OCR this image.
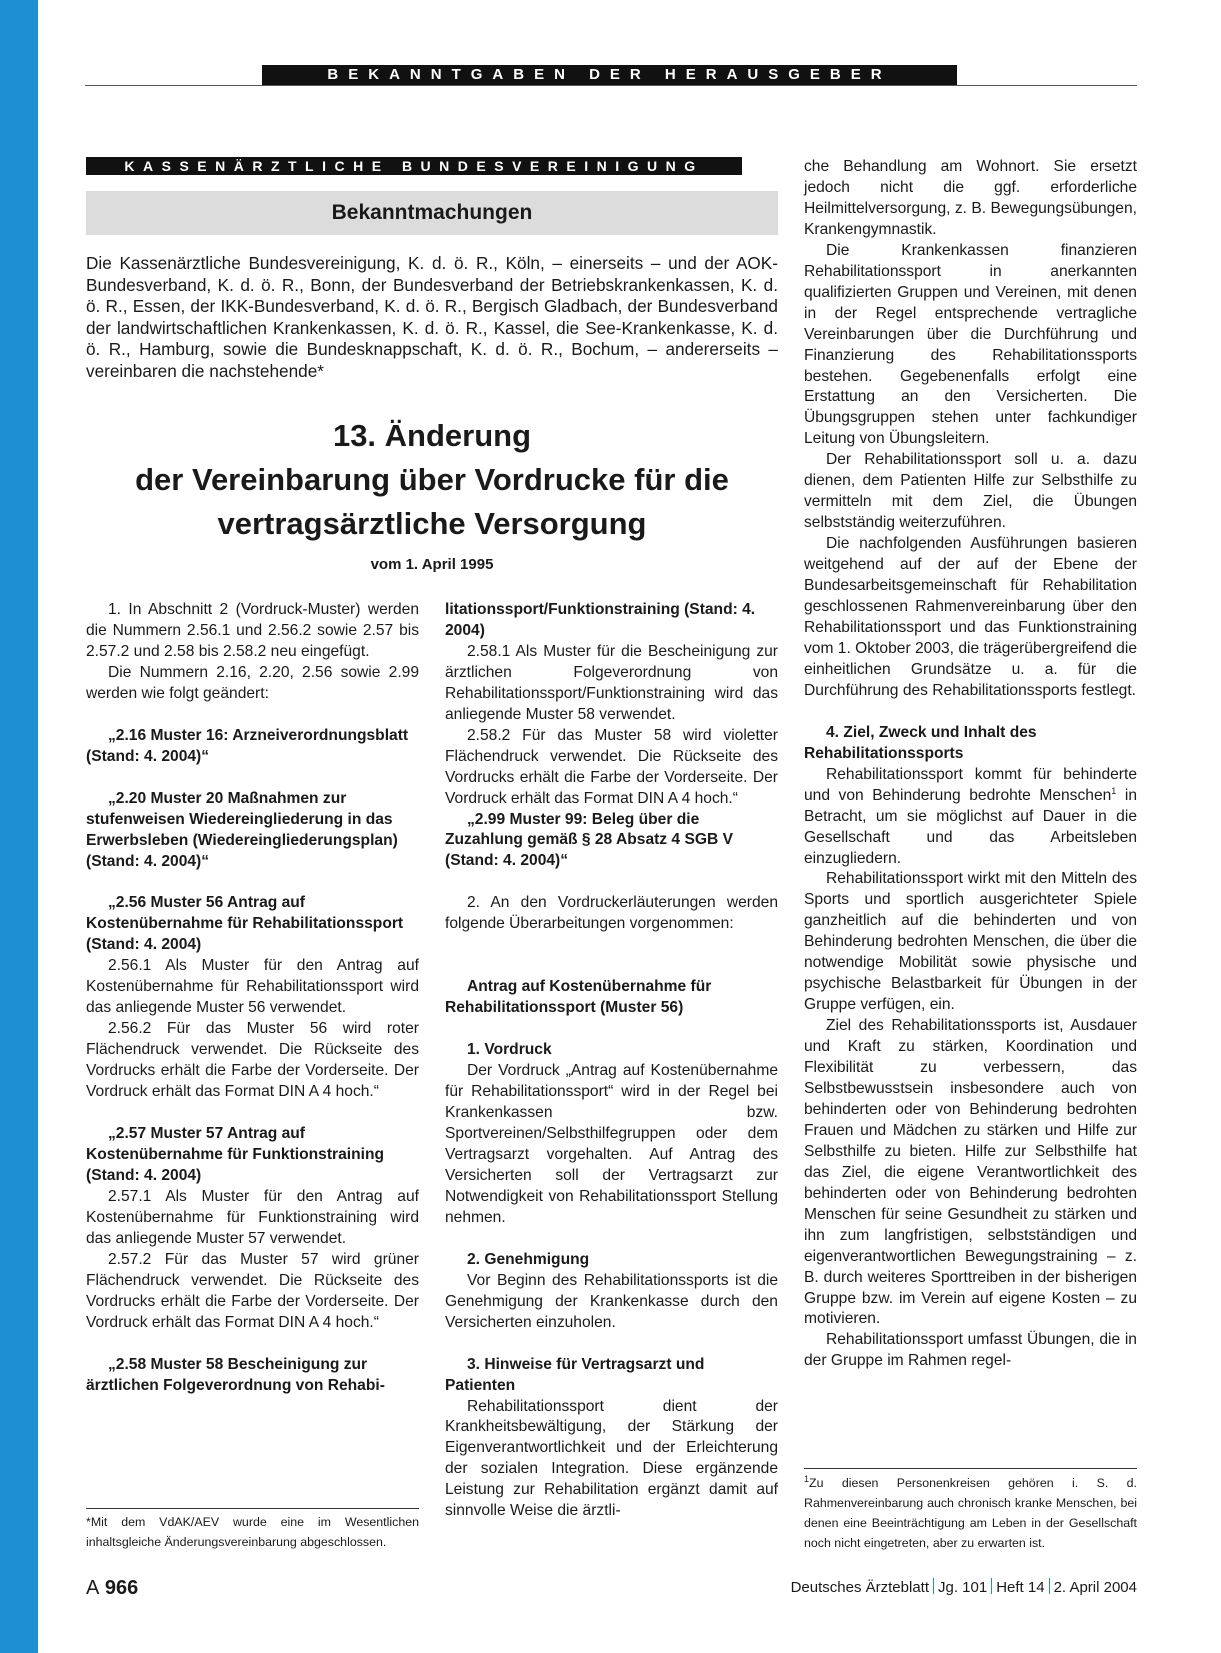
BEKANNTGABEN DER HERAUSGEBER
KASSENÄRZTLICHE BUNDESVEREINIGUNG
Bekanntmachungen

Die Kassenärztliche Bundesvereinigung, K. d. ö. R., Köln, – einerseits – und der AOK-Bundesverband, K. d. ö. R., Bonn, der Bundesverband der Betriebskrankenkassen, K. d. ö. R., Essen, der IKK-Bundesverband, K. d. ö. R., Bergisch Gladbach, der Bundesverband der landwirtschaftlichen Krankenkassen, K. d. ö. R., Kassel, die See-Krankenkasse, K. d. ö. R., Hamburg, sowie die Bundesknappschaft, K. d. ö. R., Bochum, – andererseits – vereinbaren die nachstehende*

13. Änderung
der Vereinbarung über Vordrucke für die
vertragsärztliche Versorgung
vom 1. April 1995

1. In Abschnitt 2 (Vordruck-Muster) werden die Nummern 2.56.1 und 2.56.2 sowie 2.57 bis 2.57.2 und 2.58 bis 2.58.2 neu eingefügt.

Die Nummern 2.16, 2.20, 2.56 sowie 2.99 werden wie folgt geändert:

„2.16 Muster 16: Arzneiverordnungsblatt (Stand: 4. 2004)“

„2.20 Muster 20 Maßnahmen zur stufenweisen Wiedereingliederung in das Erwerbsleben (Wiedereingliederungsplan) (Stand: 4. 2004)“

„2.56 Muster 56 Antrag auf Kostenübernahme für Rehabilitationssport (Stand: 4. 2004)

2.56.1 Als Muster für den Antrag auf Kostenübernahme für Rehabilitationssport wird das anliegende Muster 56 verwendet.

2.56.2 Für das Muster 56 wird roter Flächendruck verwendet. Die Rückseite des Vordrucks erhält die Farbe der Vorderseite. Der Vordruck erhält das Format DIN A 4 hoch.“

„2.57 Muster 57 Antrag auf Kostenübernahme für Funktionstraining (Stand: 4. 2004)

2.57.1 Als Muster für den Antrag auf Kostenübernahme für Funktionstraining wird das anliegende Muster 57 verwendet.

2.57.2 Für das Muster 57 wird grüner Flächendruck verwendet. Die Rückseite des Vordrucks erhält die Farbe der Vorderseite. Der Vordruck erhält das Format DIN A 4 hoch.“

„2.58 Muster 58 Bescheinigung zur ärztlichen Folgeverordnung von Rehabi-

litationssport/Funktionstraining (Stand: 4. 2004)

2.58.1 Als Muster für die Bescheinigung zur ärztlichen Folgeverordnung von Rehabilitationssport/Funktionstraining wird das anliegende Muster 58 verwendet.

2.58.2 Für das Muster 58 wird violetter Flächendruck verwendet. Die Rückseite des Vordrucks erhält die Farbe der Vorderseite. Der Vordruck erhält das Format DIN A 4 hoch.“

„2.99 Muster 99: Beleg über die Zuzahlung gemäß § 28 Absatz 4 SGB V (Stand: 4. 2004)“

2. An den Vordruckerläuterungen werden folgende Überarbeitungen vorgenommen:

Antrag auf Kostenübernahme für Rehabilitationssport (Muster 56)

1. Vordruck

Der Vordruck „Antrag auf Kostenübernahme für Rehabilitationssport“ wird in der Regel bei Krankenkassen bzw. Sportvereinen/Selbsthilfegruppen oder dem Vertragsarzt vorgehalten. Auf Antrag des Versicherten soll der Vertragsarzt zur Notwendigkeit von Rehabilitationssport Stellung nehmen.

2. Genehmigung

Vor Beginn des Rehabilitationssports ist die Genehmigung der Krankenkasse durch den Versicherten einzuholen.

3. Hinweise für Vertragsarzt und Patienten

Rehabilitationssport dient der Krankheitsbewältigung, der Stärkung der Eigenverantwortlichkeit und der Erleichterung der sozialen Integration. Diese ergänzende Leistung zur Rehabilitation ergänzt damit auf sinnvolle Weise die ärztli-

che Behandlung am Wohnort. Sie ersetzt jedoch nicht die ggf. erforderliche Heilmittelversorgung, z. B. Bewegungsübungen, Krankengymnastik.

Die Krankenkassen finanzieren Rehabilitationssport in anerkannten qualifizierten Gruppen und Vereinen, mit denen in der Regel entsprechende vertragliche Vereinbarungen über die Durchführung und Finanzierung des Rehabilitationssports bestehen. Gegebenenfalls erfolgt eine Erstattung an den Versicherten. Die Übungsgruppen stehen unter fachkundiger Leitung von Übungsleitern.

Der Rehabilitationssport soll u. a. dazu dienen, dem Patienten Hilfe zur Selbsthilfe zu vermitteln mit dem Ziel, die Übungen selbstständig weiterzuführen.

Die nachfolgenden Ausführungen basieren weitgehend auf der auf der Ebene der Bundesarbeitsgemeinschaft für Rehabilitation geschlossenen Rahmenvereinbarung über den Rehabilitationssport und das Funktionstraining vom 1. Oktober 2003, die trägerübergreifend die einheitlichen Grundsätze u. a. für die Durchführung des Rehabilitationssports festlegt.

4. Ziel, Zweck und Inhalt des Rehabilitationssports

Rehabilitationssport kommt für behinderte und von Behinderung bedrohte Menschen$^1$ in Betracht, um sie möglichst auf Dauer in die Gesellschaft und das Arbeitsleben einzugliedern.

Rehabilitationssport wirkt mit den Mitteln des Sports und sportlich ausgerichteter Spiele ganzheitlich auf die behinderten und von Behinderung bedrohten Menschen, die über die notwendige Mobilität sowie physische und psychische Belastbarkeit für Übungen in der Gruppe verfügen, ein.

Ziel des Rehabilitationssports ist, Ausdauer und Kraft zu stärken, Koordination und Flexibilität zu verbessern, das Selbstbewusstsein insbesondere auch von behinderten oder von Behinderung bedrohten Frauen und Mädchen zu stärken und Hilfe zur Selbsthilfe zu bieten. Hilfe zur Selbsthilfe hat das Ziel, die eigene Verantwortlichkeit des behinderten oder von Behinderung bedrohten Menschen für seine Gesundheit zu stärken und ihn zum langfristigen, selbstständigen und eigenverantwortlichen Bewegungstraining – z. B. durch weiteres Sporttreiben in der bisherigen Gruppe bzw. im Verein auf eigene Kosten – zu motivieren.

Rehabilitationssport umfasst Übungen, die in der Gruppe im Rahmen regel-

*Mit dem VdAK/AEV wurde eine im Wesentlichen inhaltsgleiche Änderungsvereinbarung abgeschlossen.

$^1$Zu diesen Personenkreisen gehören i. S. d. Rahmenvereinbarung auch chronisch kranke Menschen, bei denen eine Beeinträchtigung am Leben in der Gesellschaft noch nicht eingetreten, aber zu erwarten ist.

A 966	Deutsches Ärzteblatt Jg. 101 Heft 14 2. April 2004
